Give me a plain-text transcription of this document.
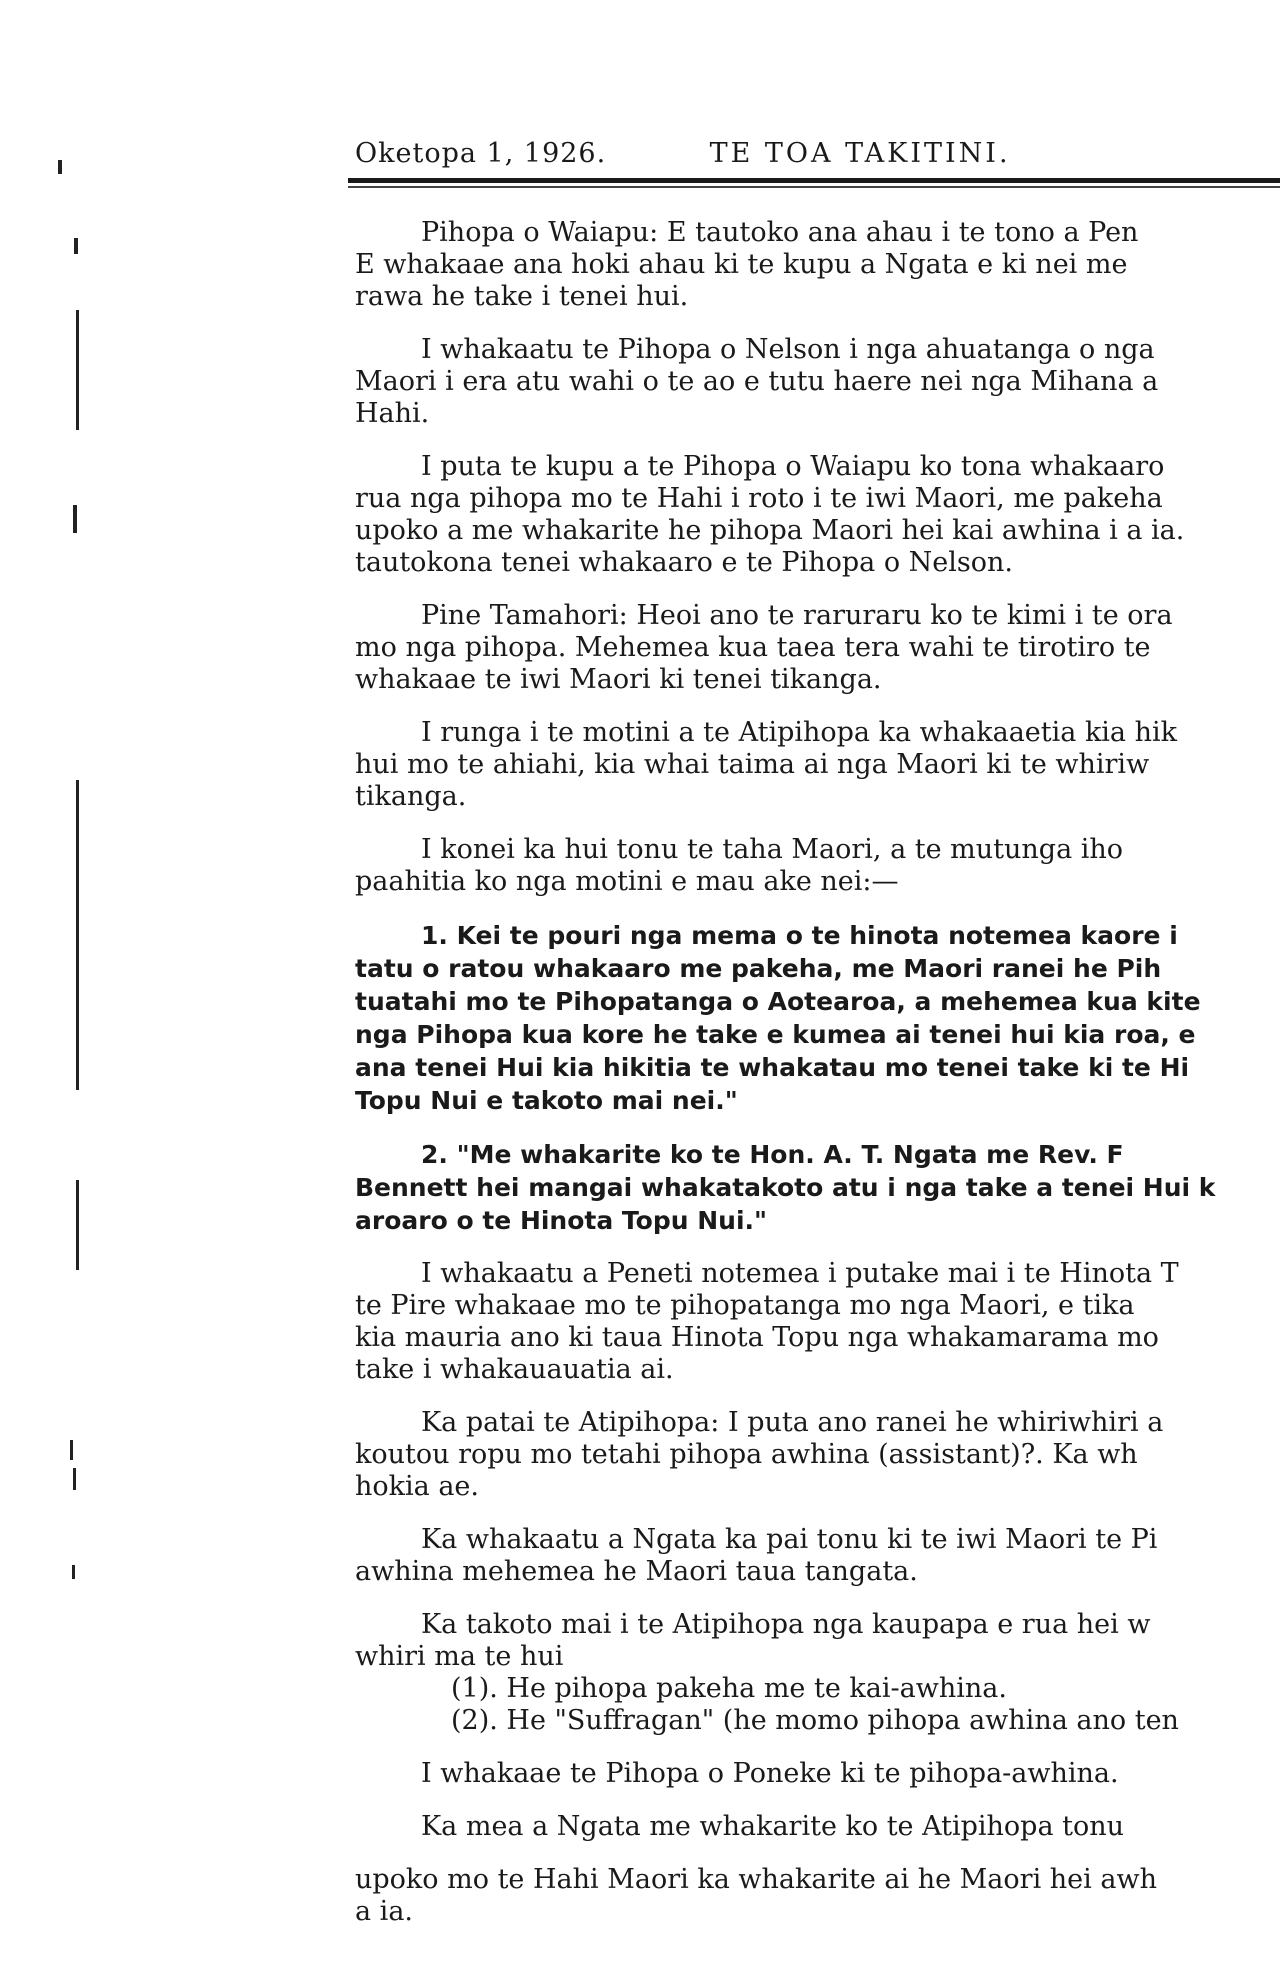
Oketopa 1, 1926.	TE TOA TAKITINI.
Pihopa o Waiapu: E tautoko ana ahau i te tono a Pen
E whakaae ana hoki ahau ki te kupu a Ngata e ki nei me
rawa he take i tenei hui.
I whakaatu te Pihopa o Nelson i nga ahuatanga o nga
Maori i era atu wahi o te ao e tutu haere nei nga Mihana a
Hahi.
I puta te kupu a te Pihopa o Waiapu ko tona whakaaro
rua nga pihopa mo te Hahi i roto i te iwi Maori, me pakeha
upoko a me whakarite he pihopa Maori hei kai awhina i a ia.
tautokona tenei whakaaro e te Pihopa o Nelson.
Pine Tamahori: Heoi ano te raruraru ko te kimi i te ora
mo nga pihopa. Mehemea kua taea tera wahi te tirotiro te
whakaae te iwi Maori ki tenei tikanga.
I runga i te motini a te Atipihopa ka whakaaetia kia hik
hui mo te ahiahi, kia whai taima ai nga Maori ki te whiriw
tikanga.
I konei ka hui tonu te taha Maori, a te mutunga iho
paahitia ko nga motini e mau ake nei:—
1. Kei te pouri nga mema o te hinota notemea kaore i
tatu o ratou whakaaro me pakeha, me Maori ranei he Pih
tuatahi mo te Pihopatanga o Aotearoa, a mehemea kua kite
nga Pihopa kua kore he take e kumea ai tenei hui kia roa, e
ana tenei Hui kia hikitia te whakatau mo tenei take ki te Hi
Topu Nui e takoto mai nei."
2. "Me whakarite ko te Hon. A. T. Ngata me Rev. F
Bennett hei mangai whakatakoto atu i nga take a tenei Hui k
aroaro o te Hinota Topu Nui."
I whakaatu a Peneti notemea i putake mai i te Hinota T
te Pire whakaae mo te pihopatanga mo nga Maori, e tika
kia mauria ano ki taua Hinota Topu nga whakamarama mo
take i whakauauatia ai.
Ka patai te Atipihopa: I puta ano ranei he whiriwhiri a
koutou ropu mo tetahi pihopa awhina (assistant)?. Ka wh
hokia ae.
Ka whakaatu a Ngata ka pai tonu ki te iwi Maori te Pi
awhina mehemea he Maori taua tangata.
Ka takoto mai i te Atipihopa nga kaupapa e rua hei w
whiri ma te hui
(1). He pihopa pakeha me te kai-awhina.
(2). He "Suffragan" (he momo pihopa awhina ano ten
I whakaae te Pihopa o Poneke ki te pihopa-awhina.
Ka mea a Ngata me whakarite ko te Atipihopa tonu
upoko mo te Hahi Maori ka whakarite ai he Maori hei awh
a ia.
